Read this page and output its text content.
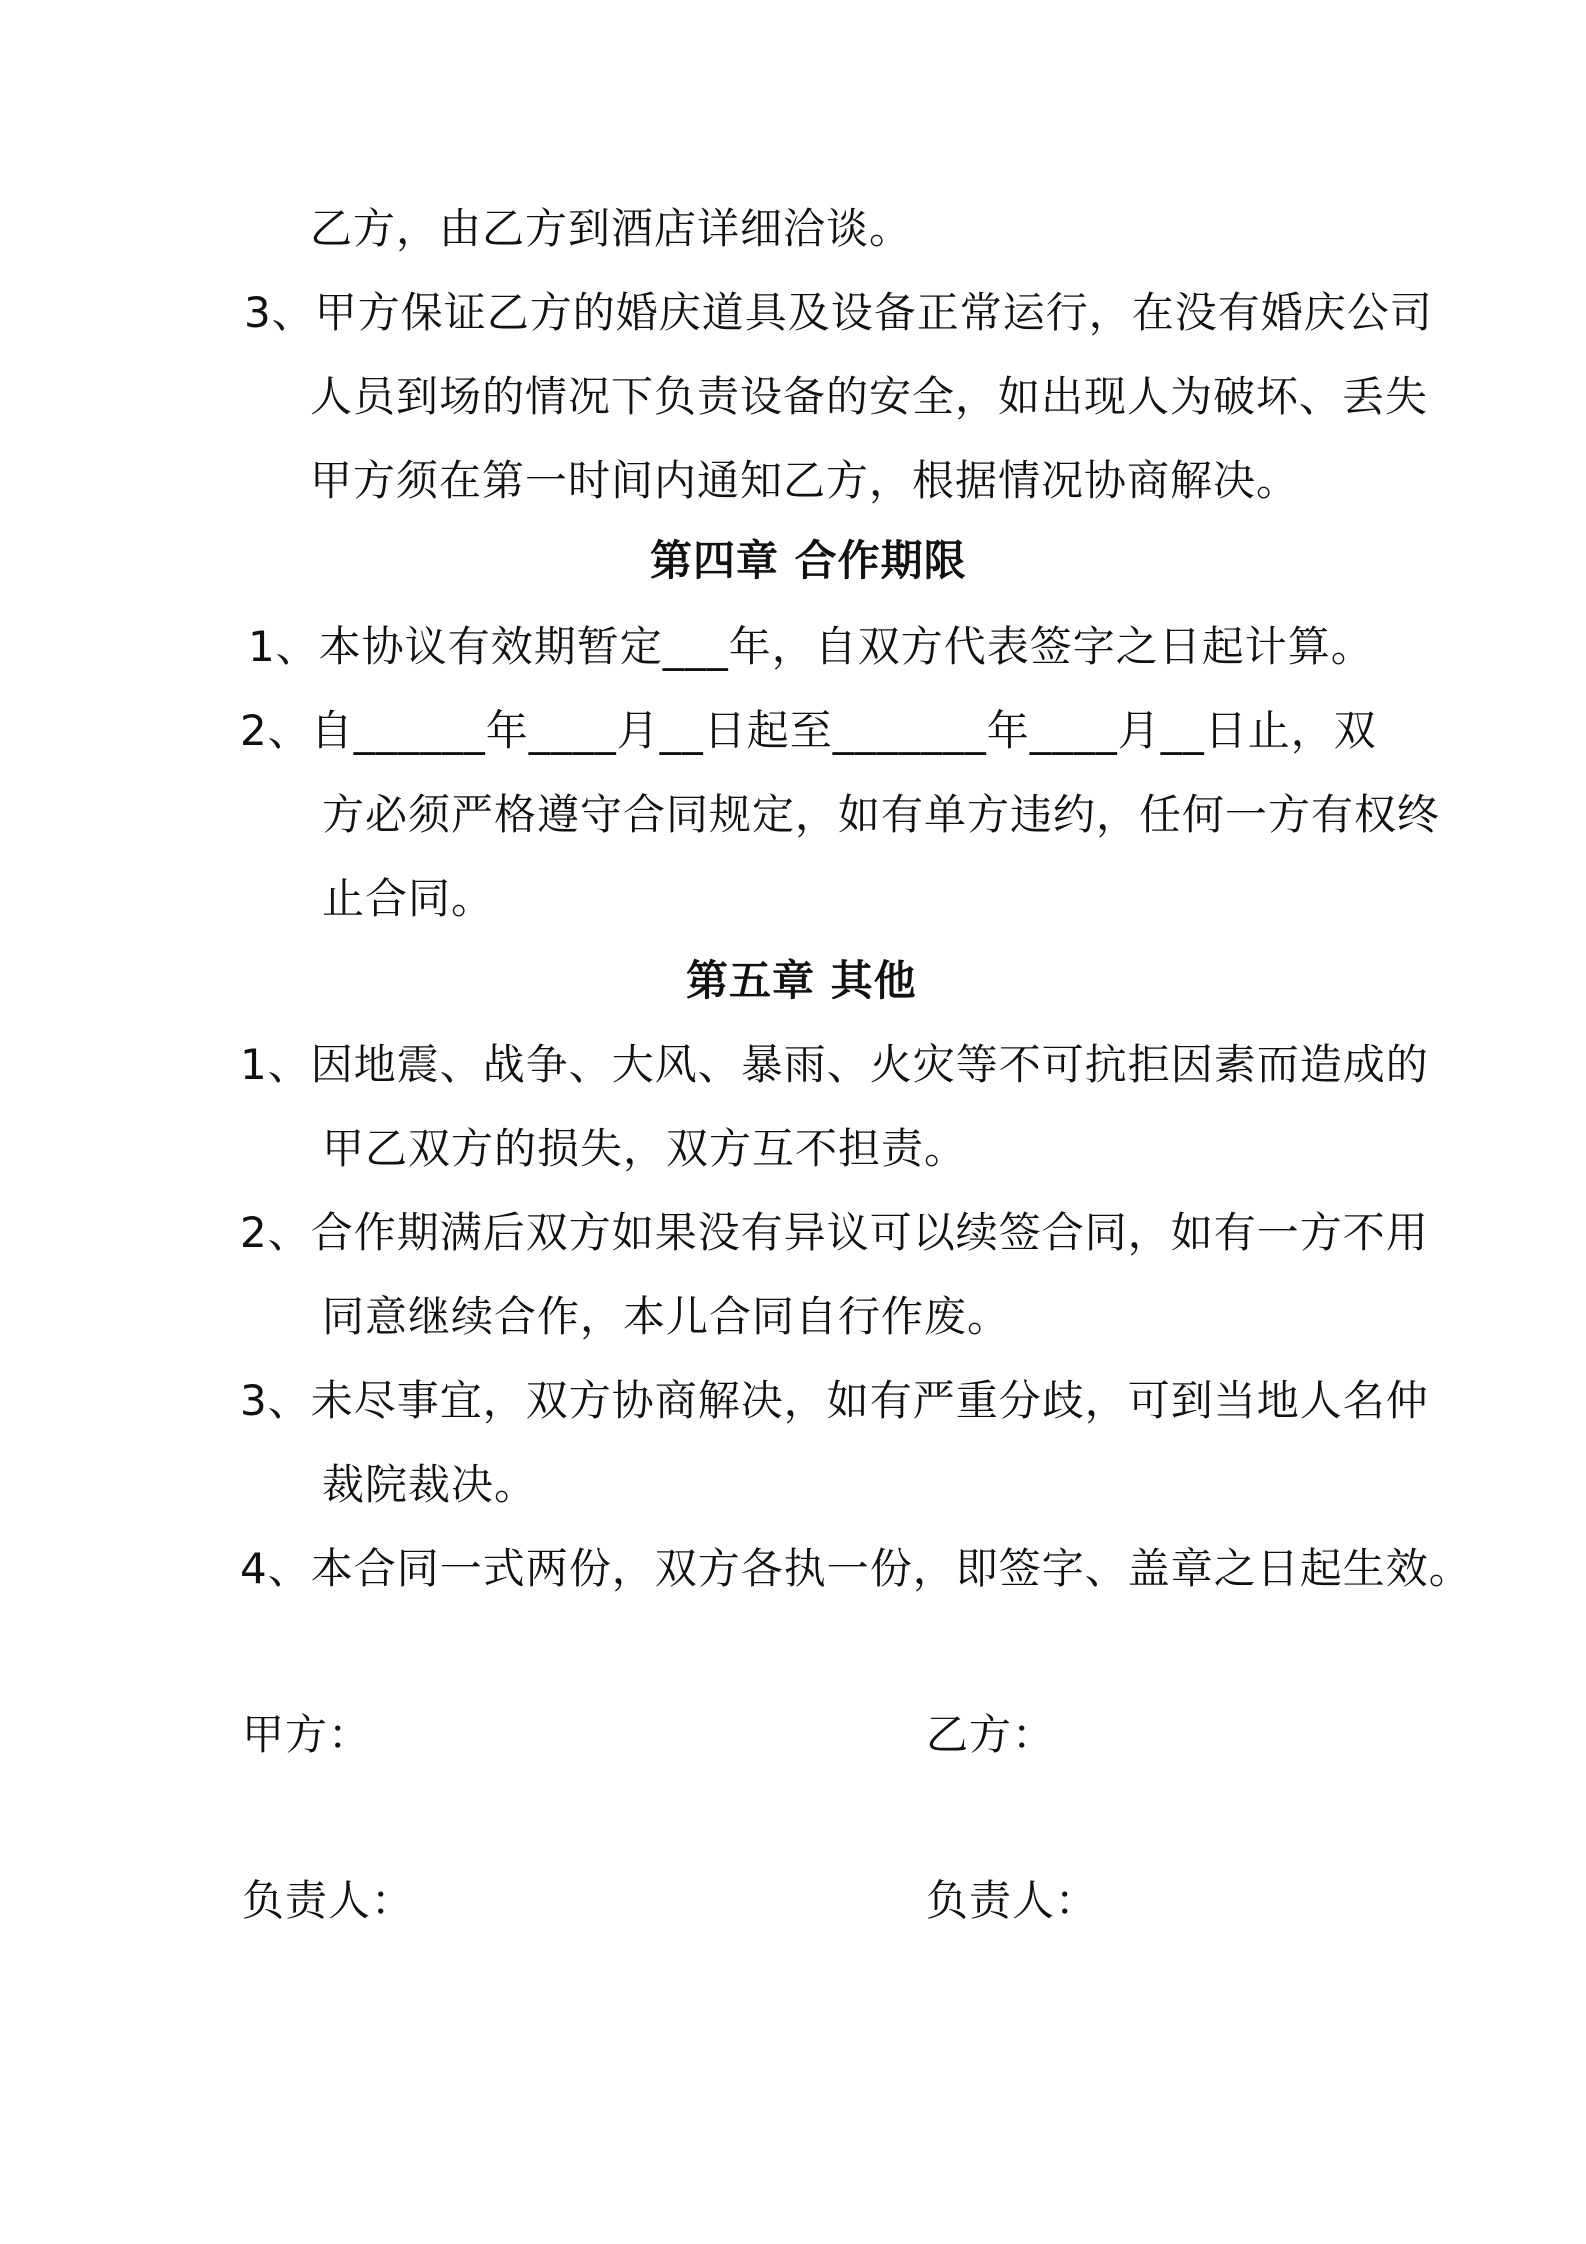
乙方，由乙方到酒店详细洽谈。
3、甲方保证乙方的婚庆道具及设备正常运行，在没有婚庆公司
人员到场的情况下负责设备的安全，如出现人为破坏、丢失
甲方须在第一时间内通知乙方，根据情况协商解决。
第四章 合作期限
1、本协议有效期暂定___年，自双方代表签字之日起计算。
2、自______年____月__日起至_______年____月__日止，双
方必须严格遵守合同规定，如有单方违约，任何一方有权终
止合同。
第五章 其他
1、因地震、战争、大风、暴雨、火灾等不可抗拒因素而造成的
甲乙双方的损失，双方互不担责。
2、合作期满后双方如果没有异议可以续签合同，如有一方不用
同意继续合作，本儿合同自行作废。
3、未尽事宜，双方协商解决，如有严重分歧，可到当地人名仲
裁院裁决。
4、本合同一式两份，双方各执一份，即签字、盖章之日起生效。
甲方：	乙方：
负责人：	负责人：
